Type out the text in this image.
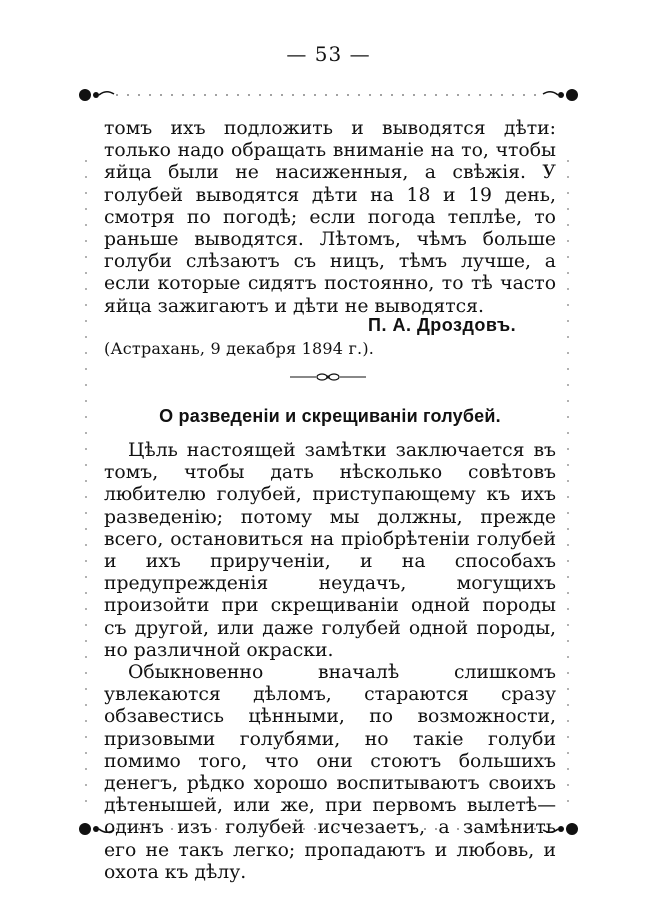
— 53 —

томъ ихъ подложить и выводятся дѣти: только надо обращать вниманіе на то, чтобы яйца были не насиженныя, а свѣжія. У голубей выводятся дѣти на 18 и 19 день, смотря по погодѣ; если погода теплѣе, то раньше выводятся. Лѣтомъ, чѣмъ больше голуби слѣзаютъ съ ницъ, тѣмъ лучше, а если которые сидятъ постоянно, то тѣ часто яйца зажигаютъ и дѣти не выводятся.

П. А. Дроздовъ.
(Астрахань, 9 декабря 1894 г.).
О разведеніи и скрещиваніи голубей.

Цѣль настоящей замѣтки заключается въ томъ, чтобы дать нѣсколько совѣтовъ любителю голубей, приступающему къ ихъ разведенію; потому мы должны, прежде всего, остановиться на пріобрѣтеніи голубей и ихъ прирученіи, и на способахъ предупрежденія неудачъ, могущихъ произойти при скрещиваніи одной породы съ другой, или даже голубей одной породы, но различной окраски.

Обыкновенно вначалѣ слишкомъ увлекаются дѣломъ, стараются сразу обзавестись цѣнными, по возможности, призовыми голубями, но такіе голуби помимо того, что они стоютъ большихъ денегъ, рѣдко хорошо воспитываютъ своихъ дѣтенышей, или же, при первомъ вылетѣ—одинъ изъ голубей исчезаетъ, а замѣнить его не такъ легко; пропадаютъ и любовь, и охота къ дѣлу.
